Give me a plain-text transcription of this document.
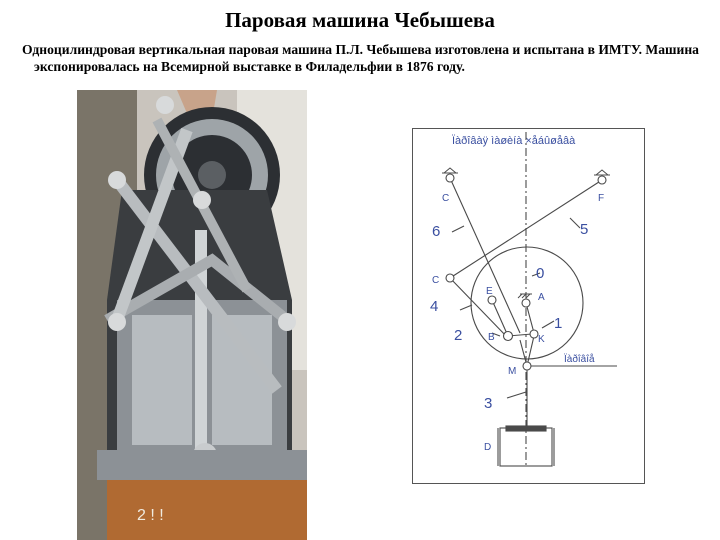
Паровая машина Чебышева
Одноцилиндровая вертикальная паровая машина П.Л. Чебышева изготовлена и испытана в ИМТУ. Машина экспонировалась на Всемирной выставке в Филадельфии в 1876 году.
2 ! !
Ïàðîâàÿ ìàøèíà ×åáûøåâà
C	F
C
E
A
B	K
M
D
6	5
0
4
1
2
3
Ïàðîâîå
